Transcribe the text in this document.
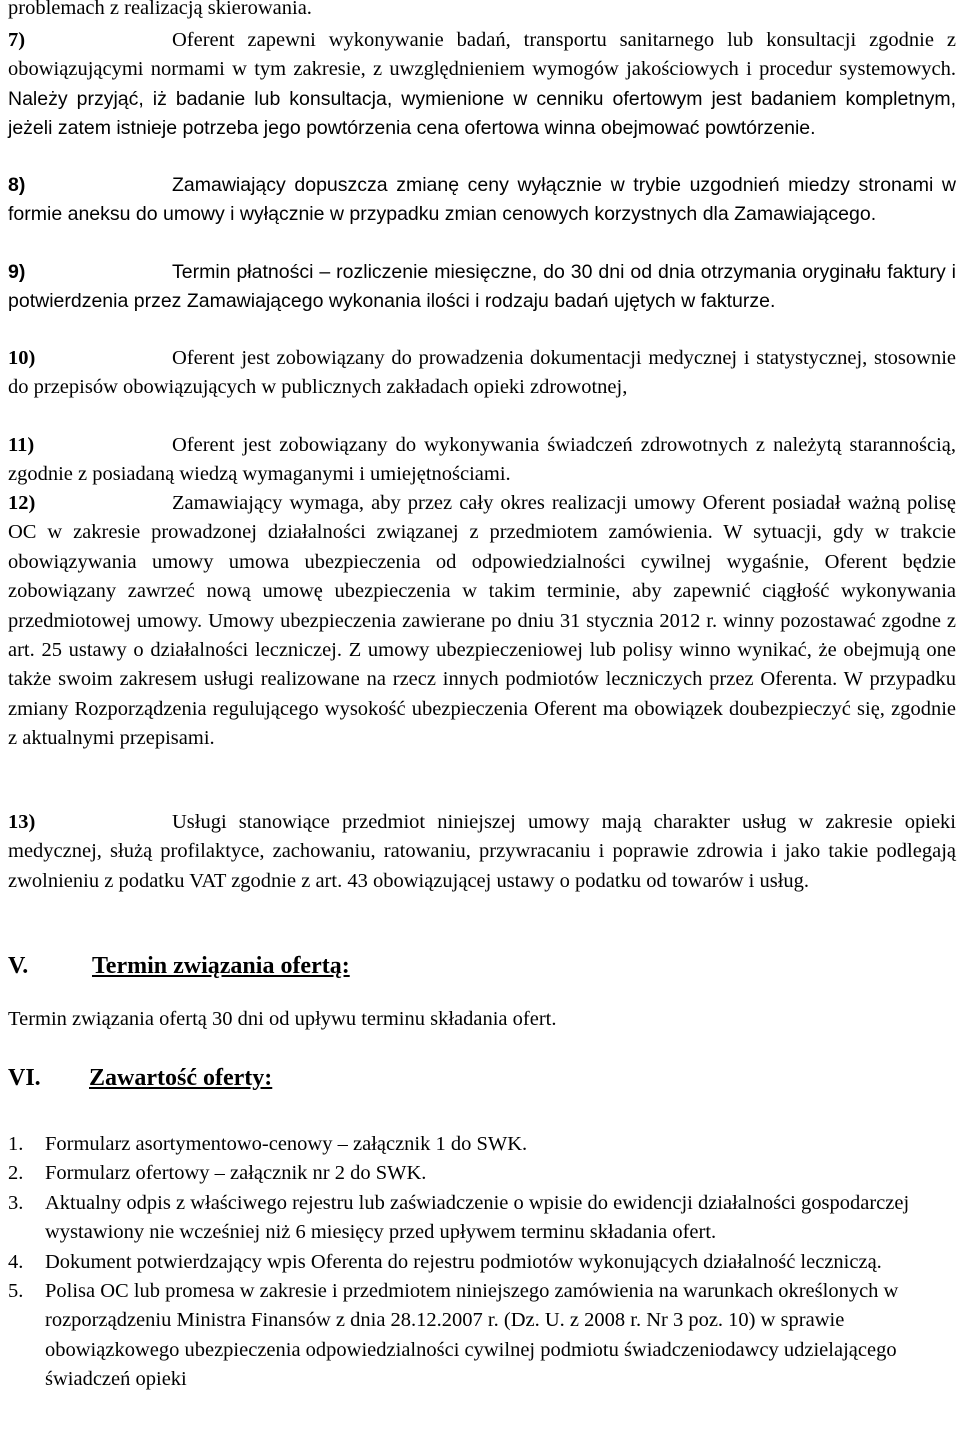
problemach z realizacją skierowania.

7)	Oferent zapewni wykonywanie badań, transportu sanitarnego lub konsultacji zgodnie z obowiązującymi normami w tym zakresie, z uwzględnieniem wymogów jakościowych i procedur systemowych. Należy przyjąć, iż badanie lub konsultacja, wymienione w cenniku ofertowym jest badaniem kompletnym, jeżeli zatem istnieje potrzeba jego powtórzenia cena ofertowa winna obejmować powtórzenie.

8)	Zamawiający dopuszcza zmianę ceny wyłącznie w trybie uzgodnień miedzy stronami w formie aneksu do umowy i wyłącznie w przypadku zmian cenowych korzystnych dla Zamawiającego.

9)	Termin płatności – rozliczenie miesięczne, do 30 dni od dnia otrzymania oryginału faktury i potwierdzenia przez Zamawiającego wykonania ilości i rodzaju badań ujętych w fakturze.

10)	Oferent jest zobowiązany do prowadzenia dokumentacji medycznej i statystycznej, stosownie do przepisów obowiązujących w publicznych zakładach opieki zdrowotnej,

11)	Oferent jest zobowiązany do wykonywania świadczeń zdrowotnych z należytą starannością, zgodnie z posiadaną wiedzą wymaganymi i umiejętnościami.

12)	Zamawiający wymaga, aby przez cały okres realizacji umowy Oferent posiadał ważną polisę OC w zakresie prowadzonej działalności związanej z przedmiotem zamówienia. W sytuacji, gdy w trakcie obowiązywania umowy umowa ubezpieczenia od odpowiedzialności cywilnej wygaśnie, Oferent będzie zobowiązany zawrzeć nową umowę ubezpieczenia w takim terminie, aby zapewnić ciągłość wykonywania przedmiotowej umowy. Umowy ubezpieczenia zawierane po dniu 31 stycznia 2012 r. winny pozostawać zgodne z art. 25 ustawy o działalności leczniczej. Z umowy ubezpieczeniowej lub polisy winno wynikać, że obejmują one także swoim zakresem usługi realizowane na rzecz innych podmiotów leczniczych przez Oferenta. W przypadku zmiany Rozporządzenia regulującego wysokość ubezpieczenia Oferent ma obowiązek doubezpieczyć się, zgodnie z aktualnymi przepisami.

13)	Usługi stanowiące przedmiot niniejszej umowy mają charakter usług w zakresie opieki medycznej, służą profilaktyce, zachowaniu, ratowaniu, przywracaniu i poprawie zdrowia i jako takie podlegają zwolnieniu z podatku VAT zgodnie z art. 43 obowiązującej ustawy o podatku od towarów i usług.

V.	Termin związania ofertą:

Termin związania ofertą 30 dni od upływu terminu składania ofert.

VI. Zawartość oferty:
1. Formularz asortymentowo-cenowy – załącznik 1 do SWK.
2. Formularz ofertowy – załącznik nr 2 do SWK.
3. Aktualny odpis z właściwego rejestru lub zaświadczenie o wpisie do ewidencji działalności gospodarczej wystawiony nie wcześniej niż 6 miesięcy przed upływem terminu składania ofert.
4. Dokument potwierdzający wpis Oferenta do rejestru podmiotów wykonujących działalność leczniczą.
5. Polisa OC lub promesa w zakresie i przedmiotem niniejszego zamówienia na warunkach określonych w rozporządzeniu Ministra Finansów z dnia 28.12.2007 r. (Dz. U. z 2008 r. Nr 3 poz. 10) w sprawie obowiązkowego ubezpieczenia odpowiedzialności cywilnej podmiotu świadczeniodawcy udzielającego świadczeń opieki
